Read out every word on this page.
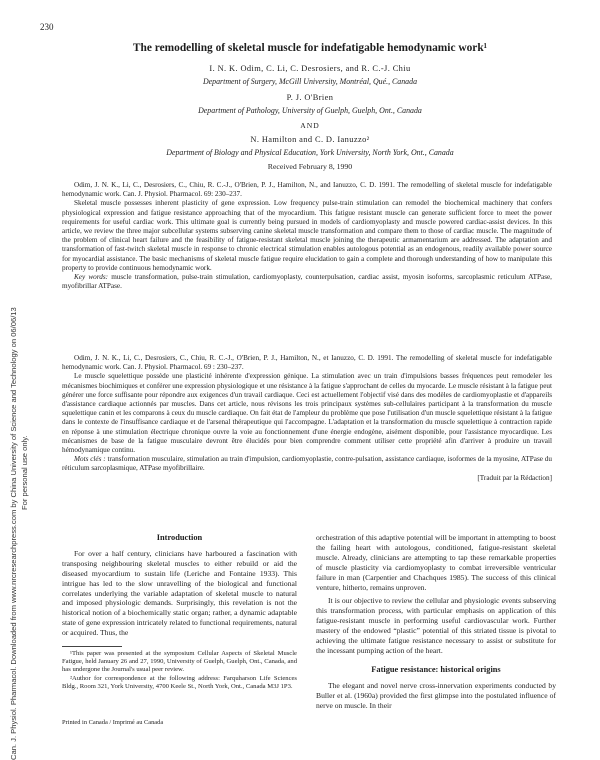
230
Can. J. Physiol. Pharmacol. Downloaded from www.nrcresearchpress.com by China University of Science and Technology on 06/06/13 For personal use only.
The remodelling of skeletal muscle for indefatigable hemodynamic work¹
I. N. K. Odim, C. Li, C. Desrosiers, and R. C.-J. Chiu
Department of Surgery, McGill University, Montréal, Qué., Canada
P. J. O'Brien
Department of Pathology, University of Guelph, Guelph, Ont., Canada
AND
N. Hamilton and C. D. Ianuzzo²
Department of Biology and Physical Education, York University, North York, Ont., Canada
Received February 8, 1990

Odim, J. N. K., Li, C., Desrosiers, C., Chiu, R. C.-J., O'Brien, P. J., Hamilton, N., and Ianuzzo, C. D. 1991. The remodelling of skeletal muscle for indefatigable hemodynamic work. Can. J. Physiol. Pharmacol. 69: 230–237.

Skeletal muscle possesses inherent plasticity of gene expression. Low frequency pulse-train stimulation can remodel the biochemical machinery that confers physiological expression and fatigue resistance approaching that of the myocardium. This fatigue resistant muscle can generate sufficient force to meet the power requirements for useful cardiac work. This ultimate goal is currently being pursued in models of cardiomyoplasty and muscle powered cardiac-assist devices. In this article, we review the three major subcellular systems subserving canine skeletal muscle transformation and compare them to those of cardiac muscle. The magnitude of the problem of clinical heart failure and the feasibility of fatigue-resistant skeletal muscle joining the therapeutic armamentarium are addressed. The adaptation and transformation of fast-twitch skeletal muscle in response to chronic electrical stimulation enables autologous potential as an endogenous, readily available power source for myocardial assistance. The basic mechanisms of skeletal muscle fatigue require elucidation to gain a complete and thorough understanding of how to manipulate this property to provide continuous hemodynamic work.

Key words: muscle transformation, pulse-train stimulation, cardiomyoplasty, counterpulsation, cardiac assist, myosin isoforms, sarcoplasmic reticulum ATPase, myofibrillar ATPase.

Odim, J. N. K., Li, C., Desrosiers, C., Chiu, R. C.-J., O'Brien, P. J., Hamilton, N., et Ianuzzo, C. D. 1991. The remodelling of skeletal muscle for indefatigable hemodynamic work. Can. J. Physiol. Pharmacol. 69 : 230–237.

Le muscle squelettique possède une plasticité inhérente d'expression génique. La stimulation avec un train d'impulsions basses fréquences peut remodeler les mécanismes biochimiques et conférer une expression physiologique et une résistance à la fatigue s'approchant de celles du myocarde. Le muscle résistant à la fatigue peut générer une force suffisante pour répondre aux exigences d'un travail cardiaque. Ceci est actuellement l'objectif visé dans des modèles de cardiomyoplastie et d'appareils d'assistance cardiaque actionnés par muscles. Dans cet article, nous révisons les trois principaux systèmes sub-cellulaires participant à la transformation du muscle squelettique canin et les comparons à ceux du muscle cardiaque. On fait état de l'ampleur du problème que pose l'utilisation d'un muscle squelettique résistant à la fatigue dans le contexte de l'insuffisance cardiaque et de l'arsenal thérapeutique qui l'accompagne. L'adaptation et la transformation du muscle squelettique à contraction rapide en réponse à une stimulation électrique chronique ouvre la voie au fonctionnement d'une énergie endogène, aisément disponible, pour l'assistance myocardique. Les mécanismes de base de la fatigue musculaire devront être élucidés pour bien comprendre comment utiliser cette propriété afin d'arriver à produire un travail hémodynamique continu.

Mots clés : transformation musculaire, stimulation au train d'impulsion, cardiomyoplastie, contre-pulsation, assistance cardiaque, isoformes de la myosine, ATPase du réticulum sarcoplasmique, ATPase myofibrillaire.

[Traduit par la Rédaction]

Introduction

For over a half century, clinicians have harboured a fascination with transposing neighbouring skeletal muscles to either rebuild or aid the diseased myocardium to sustain life (Leriche and Fontaine 1933). This intrigue has led to the slow unravelling of the biological and functional correlates underlying the variable adaptation of skeletal muscle to natural and imposed physiologic demands. Surprisingly, this revelation is not the historical notion of a biochemically static organ; rather, a dynamic adaptable state of gene expression intricately related to functional requirements, natural or acquired. Thus, the

¹This paper was presented at the symposium Cellular Aspects of Skeletal Muscle Fatigue, held January 26 and 27, 1990, University of Guelph, Guelph, Ont., Canada, and has undergone the Journal's usual peer review.

²Author for correspondence at the following address: Farquharson Life Sciences Bldg., Room 321, York University, 4700 Keele St., North York, Ont., Canada M3J 1P3.

Printed in Canada / Imprimé au Canada

orchestration of this adaptive potential will be important in attempting to boost the failing heart with autologous, conditioned, fatigue-resistant skeletal muscle. Already, clinicians are attempting to tap these remarkable properties of muscle plasticity via cardiomyoplasty to combat irreversible ventricular failure in man (Carpentier and Chachques 1985). The success of this clinical venture, hitherto, remains unproven.

It is our objective to review the cellular and physiologic events subserving this transformation process, with particular emphasis on application of this fatigue-resistant muscle in performing useful cardiovascular work. Further mastery of the endowed “plastic” potential of this striated tissue is pivotal to achieving the ultimate fatigue resistance necessary to assist or substitute for the incessant pumping action of the heart.

Fatigue resistance: historical origins

The elegant and novel nerve cross-innervation experiments conducted by Buller et al. (1960a) provided the first glimpse into the postulated influence of nerve on muscle. In their
